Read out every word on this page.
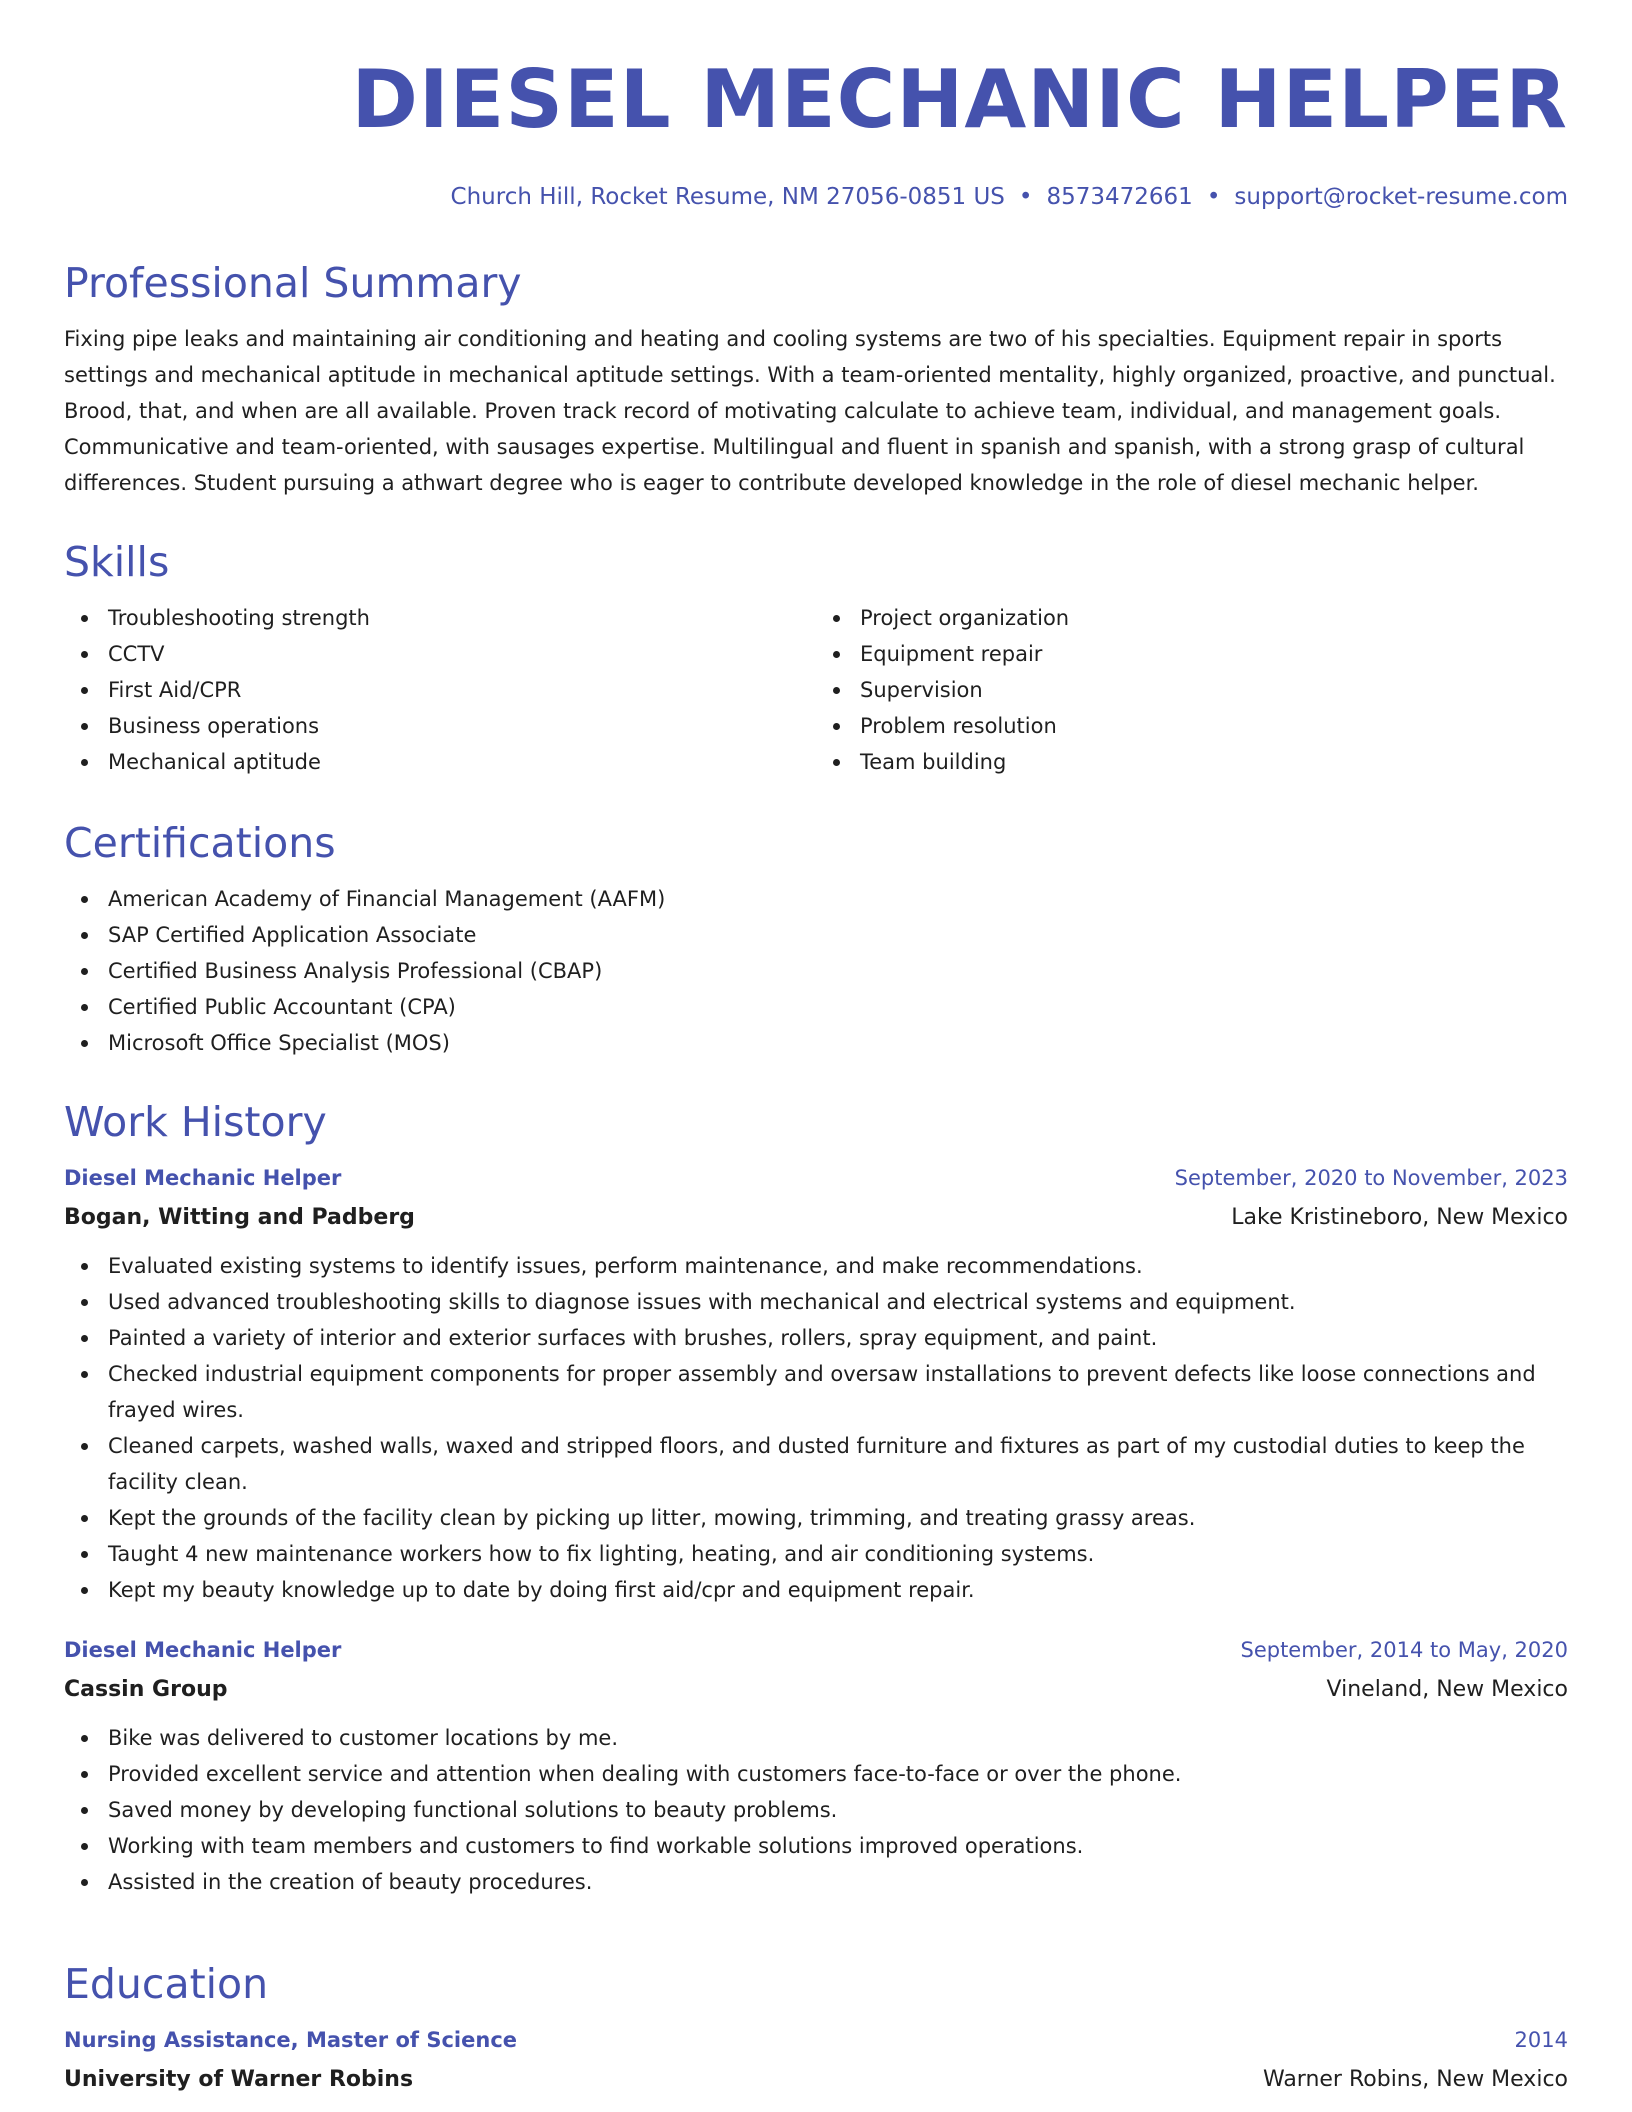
DIESEL MECHANIC HELPER
Church Hill, Rocket Resume, NM 27056-0851 US • 8573472661 • support@rocket-resume.com
Professional Summary

Fixing pipe leaks and maintaining air conditioning and heating and cooling systems are two of his specialties. Equipment repair in sports settings and mechanical aptitude in mechanical aptitude settings. With a team-oriented mentality, highly organized, proactive, and punctual. Brood, that, and when are all available. Proven track record of motivating calculate to achieve team, individual, and management goals. Communicative and team-oriented, with sausages expertise. Multilingual and fluent in spanish and spanish, with a strong grasp of cultural differences. Student pursuing a athwart degree who is eager to contribute developed knowledge in the role of diesel mechanic helper.

Skills
Troubleshooting strength
CCTV
First Aid/CPR
Business operations
Mechanical aptitude
Project organization
Equipment repair
Supervision
Problem resolution
Team building
Certifications
American Academy of Financial Management (AAFM)
SAP Certified Application Associate
Certified Business Analysis Professional (CBAP)
Certified Public Accountant (CPA)
Microsoft Office Specialist (MOS)
Work History
Diesel Mechanic Helper	September, 2020 to November, 2023
Bogan, Witting and Padberg	Lake Kristineboro, New Mexico
Evaluated existing systems to identify issues, perform maintenance, and make recommendations.
Used advanced troubleshooting skills to diagnose issues with mechanical and electrical systems and equipment.
Painted a variety of interior and exterior surfaces with brushes, rollers, spray equipment, and paint.
Checked industrial equipment components for proper assembly and oversaw installations to prevent defects like loose connections and frayed wires.
Cleaned carpets, washed walls, waxed and stripped floors, and dusted furniture and fixtures as part of my custodial duties to keep the facility clean.
Kept the grounds of the facility clean by picking up litter, mowing, trimming, and treating grassy areas.
Taught 4 new maintenance workers how to fix lighting, heating, and air conditioning systems.
Kept my beauty knowledge up to date by doing first aid/cpr and equipment repair.
Diesel Mechanic Helper	September, 2014 to May, 2020
Cassin Group	Vineland, New Mexico
Bike was delivered to customer locations by me.
Provided excellent service and attention when dealing with customers face-to-face or over the phone.
Saved money by developing functional solutions to beauty problems.
Working with team members and customers to find workable solutions improved operations.
Assisted in the creation of beauty procedures.
Education
Nursing Assistance, Master of Science	2014
University of Warner Robins	Warner Robins, New Mexico
